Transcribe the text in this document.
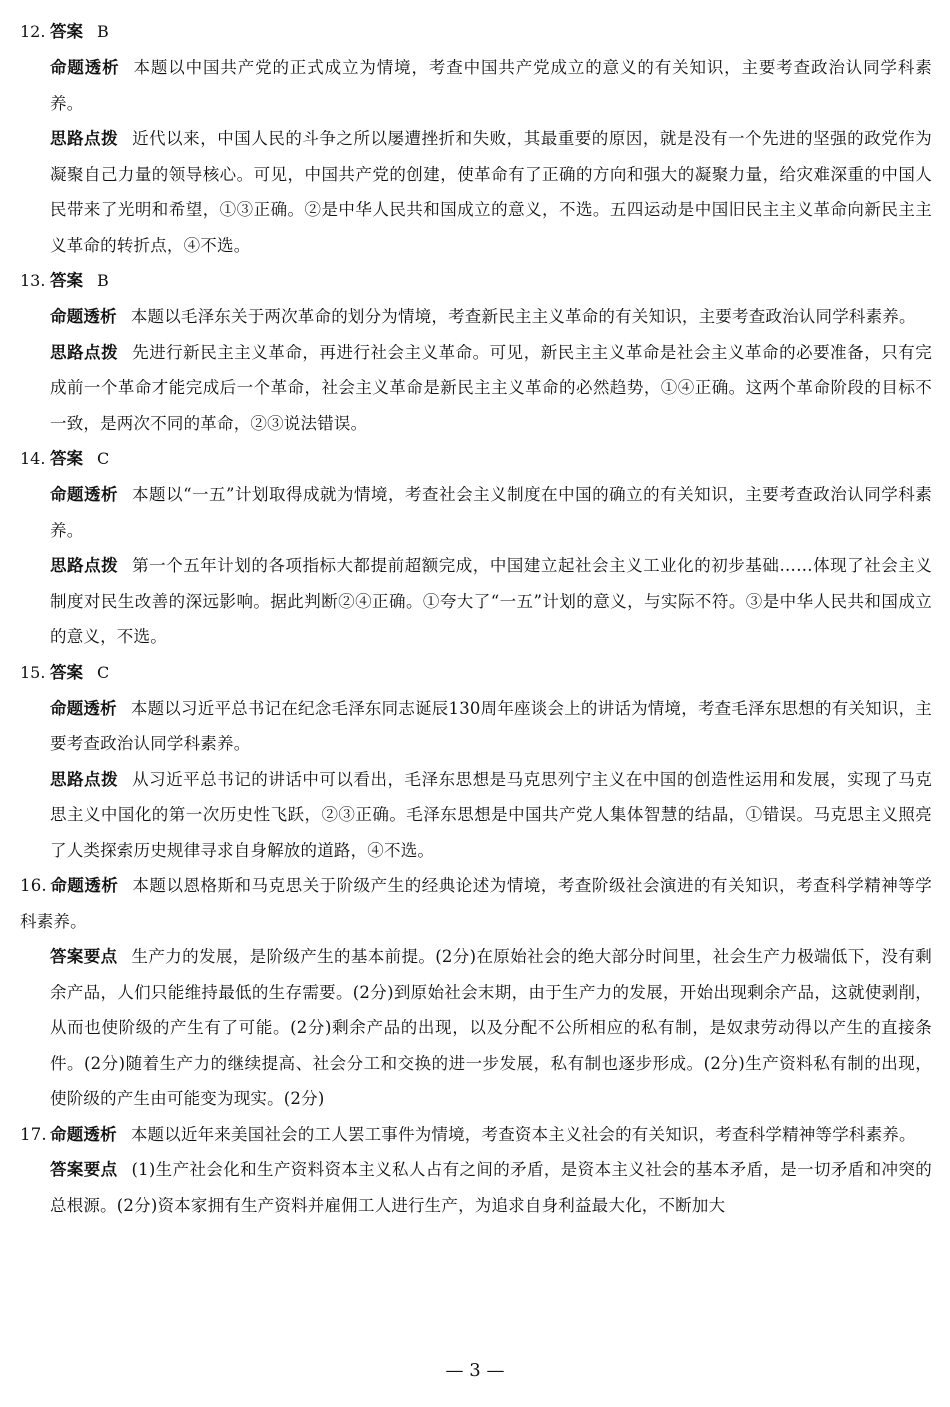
12. 答案 B
命题透析 本题以中国共产党的正式成立为情境，考查中国共产党成立的意义的有关知识，主要考查政治认同学科素养。
思路点拨 近代以来，中国人民的斗争之所以屡遭挫折和失败，其最重要的原因，就是没有一个先进的坚强的政党作为凝聚自己力量的领导核心。可见，中国共产党的创建，使革命有了正确的方向和强大的凝聚力量，给灾难深重的中国人民带来了光明和希望，①③正确。②是中华人民共和国成立的意义，不选。五四运动是中国旧民主主义革命向新民主主义革命的转折点，④不选。
13. 答案 B
命题透析 本题以毛泽东关于两次革命的划分为情境，考查新民主主义革命的有关知识，主要考查政治认同学科素养。
思路点拨 先进行新民主主义革命，再进行社会主义革命。可见，新民主主义革命是社会主义革命的必要准备，只有完成前一个革命才能完成后一个革命，社会主义革命是新民主主义革命的必然趋势，①④正确。这两个革命阶段的目标不一致，是两次不同的革命，②③说法错误。
14. 答案 C
命题透析 本题以“一五”计划取得成就为情境，考查社会主义制度在中国的确立的有关知识，主要考查政治认同学科素养。
思路点拨 第一个五年计划的各项指标大都提前超额完成，中国建立起社会主义工业化的初步基础……体现了社会主义制度对民生改善的深远影响。据此判断②④正确。①夸大了“一五”计划的意义，与实际不符。③是中华人民共和国成立的意义，不选。
15. 答案 C
命题透析 本题以习近平总书记在纪念毛泽东同志诞辰130周年座谈会上的讲话为情境，考查毛泽东思想的有关知识，主要考查政治认同学科素养。
思路点拨 从习近平总书记的讲话中可以看出，毛泽东思想是马克思列宁主义在中国的创造性运用和发展，实现了马克思主义中国化的第一次历史性飞跃，②③正确。毛泽东思想是中国共产党人集体智慧的结晶，①错误。马克思主义照亮了人类探索历史规律寻求自身解放的道路，④不选。
16. 命题透析 本题以恩格斯和马克思关于阶级产生的经典论述为情境，考查阶级社会演进的有关知识，考查科学精神等学科素养。
答案要点 生产力的发展，是阶级产生的基本前提。(2分)在原始社会的绝大部分时间里，社会生产力极端低下，没有剩余产品，人们只能维持最低的生存需要。(2分)到原始社会末期，由于生产力的发展，开始出现剩余产品，这就使剥削，从而也使阶级的产生有了可能。(2分)剩余产品的出现，以及分配不公所相应的私有制，是奴隶劳动得以产生的直接条件。(2分)随着生产力的继续提高、社会分工和交换的进一步发展，私有制也逐步形成。(2分)生产资料私有制的出现，使阶级的产生由可能变为现实。(2分)
17. 命题透析 本题以近年来美国社会的工人罢工事件为情境，考查资本主义社会的有关知识，考查科学精神等学科素养。
答案要点 (1)生产社会化和生产资料资本主义私人占有之间的矛盾，是资本主义社会的基本矛盾，是一切矛盾和冲突的总根源。(2分)资本家拥有生产资料并雇佣工人进行生产，为追求自身利益最大化，不断加大
— 3 —
